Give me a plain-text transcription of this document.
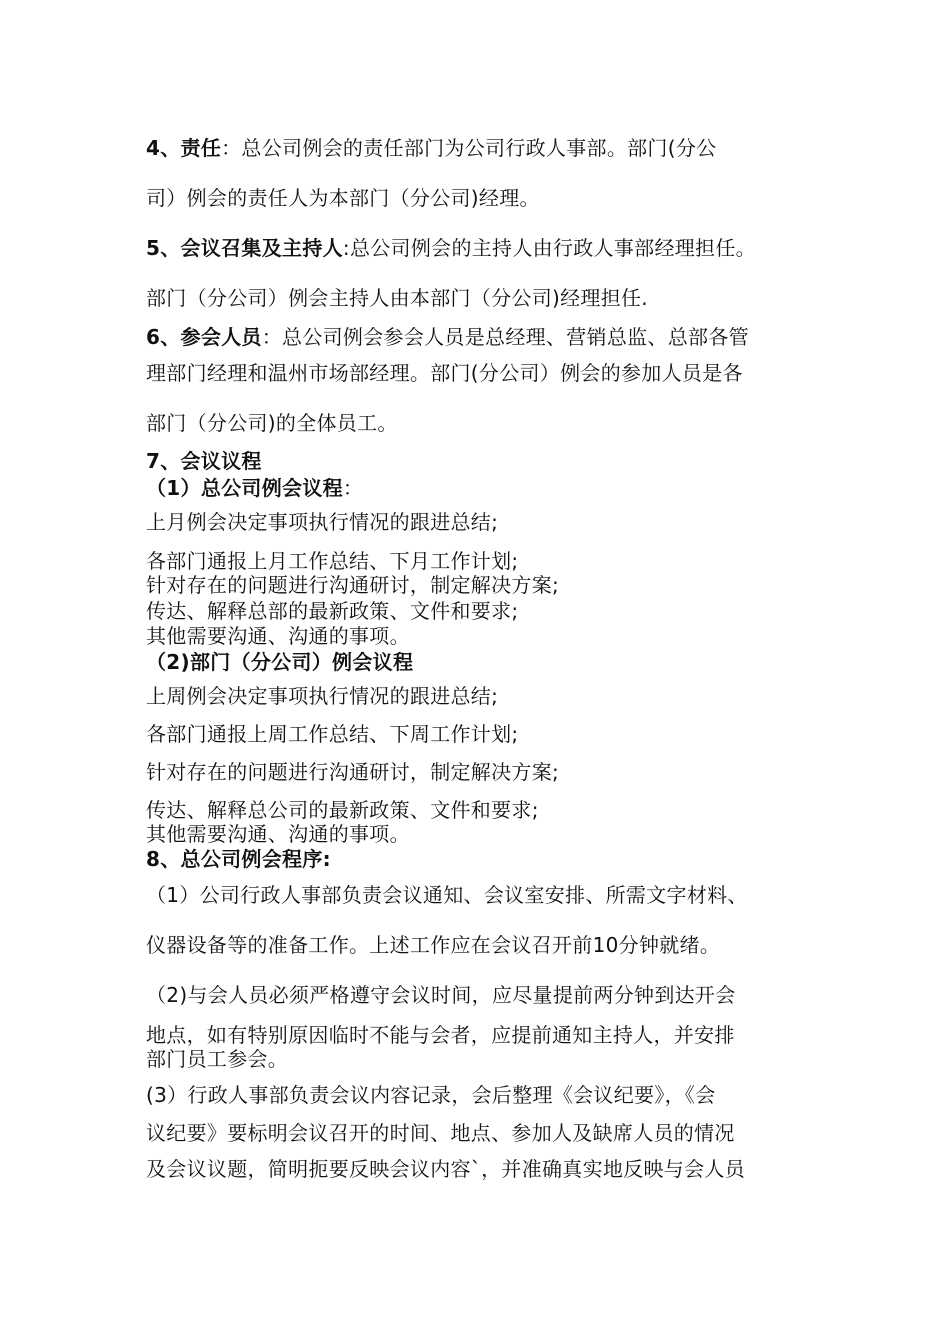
4、责任：总公司例会的责任部门为公司行政人事部。部门(分公
司）例会的责任人为本部门（分公司)经理。
5、会议召集及主持人:总公司例会的主持人由行政人事部经理担任。
部门（分公司）例会主持人由本部门（分公司)经理担任.
6、参会人员：总公司例会参会人员是总经理、营销总监、总部各管
理部门经理和温州市场部经理。部门(分公司）例会的参加人员是各
部门（分公司)的全体员工。
7、会议议程
（1）总公司例会议程：
上月例会决定事项执行情况的跟进总结;
各部门通报上月工作总结、下月工作计划;
针对存在的问题进行沟通研讨，制定解决方案;
传达、解释总部的最新政策、文件和要求;
其他需要沟通、沟通的事项。
（2)部门（分公司）例会议程
上周例会决定事项执行情况的跟进总结;
各部门通报上周工作总结、下周工作计划;
针对存在的问题进行沟通研讨，制定解决方案;
传达、解释总公司的最新政策、文件和要求;
其他需要沟通、沟通的事项。
8、总公司例会程序:
（1）公司行政人事部负责会议通知、会议室安排、所需文字材料、
仪器设备等的准备工作。上述工作应在会议召开前10分钟就绪。
（2)与会人员必须严格遵守会议时间，应尽量提前两分钟到达开会
地点，如有特别原因临时不能与会者，应提前通知主持人，并安排
部门员工参会。
(3）行政人事部负责会议内容记录，会后整理《会议纪要》，《会
议纪要》要标明会议召开的时间、地点、参加人及缺席人员的情况
及会议议题，简明扼要反映会议内容`，并准确真实地反映与会人员
